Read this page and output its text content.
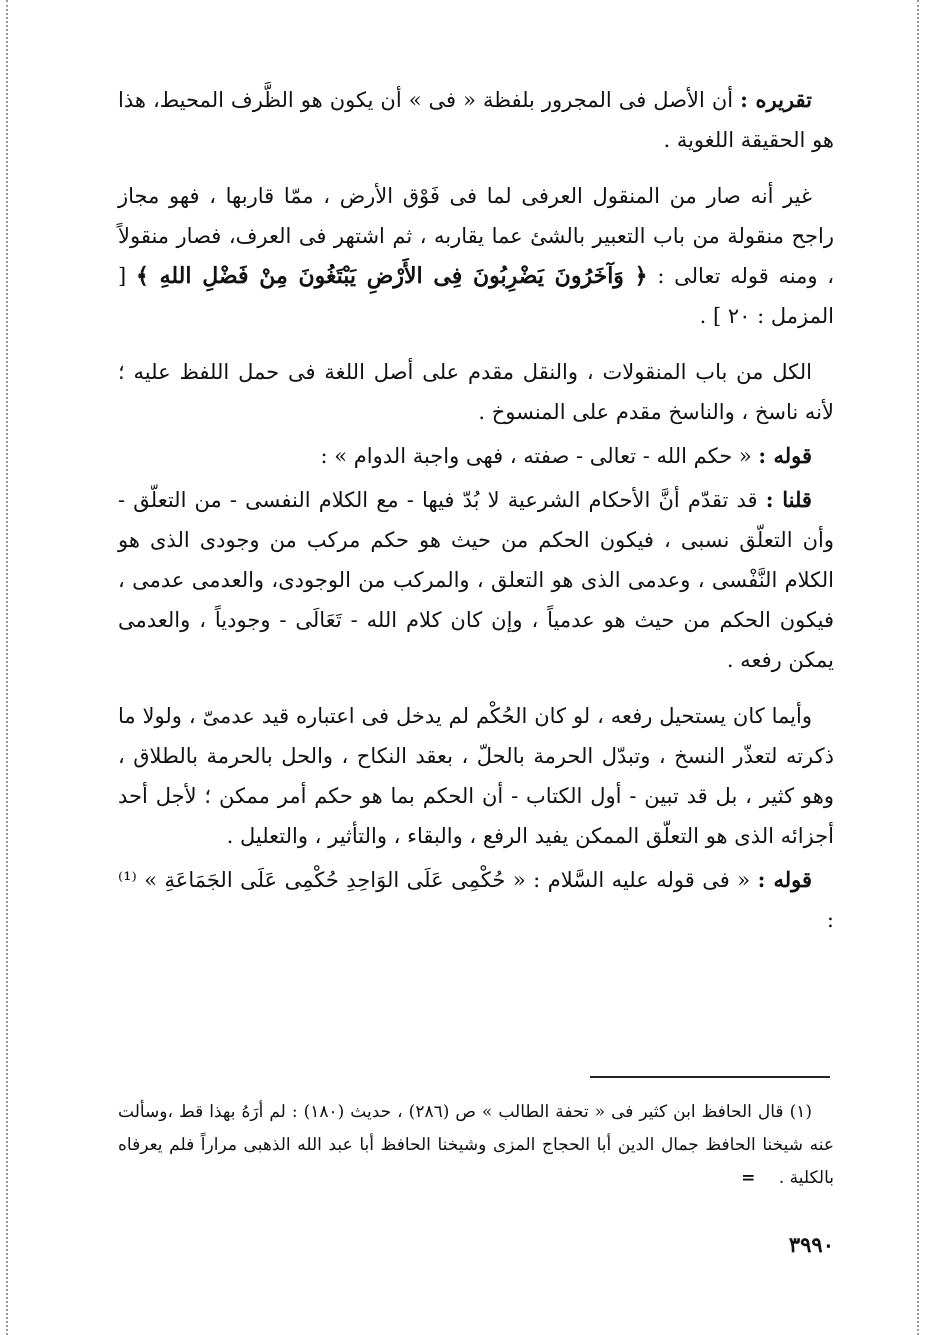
تقريره : أن الأصل فى المجرور بلفظة « فى » أن يكون هو الظَّرف المحيط، هذا هو الحقيقة اللغوية .

غير أنه صار من المنقول العرفى لما فى فَوْق الأرض ، ممّا قاربها ، فهو مجاز راجح منقولة من باب التعبير بالشئ عما يقاربه ، ثم اشتهر فى العرف، فصار منقولاً ، ومنه قوله تعالى : ﴿ وَآخَرُونَ يَضْرِبُونَ فِى الأَرْضِ يَبْتَغُونَ مِنْ فَضْلِ اللهِ ﴾ [ المزمل : ٢٠ ] .

الكل من باب المنقولات ، والنقل مقدم على أصل اللغة فى حمل اللفظ عليه ؛ لأنه ناسخ ، والناسخ مقدم على المنسوخ .

قوله : « حكم الله - تعالى - صفته ، فهى واجبة الدوام » :

قلنا : قد تقدّم أنَّ الأحكام الشرعية لا بُدّ فيها - مع الكلام النفسى - من التعلّق - وأن التعلّق نسبى ، فيكون الحكم من حيث هو حكم مركب من وجودى الذى هو الكلام النَّفْسى ، وعدمى الذى هو التعلق ، والمركب من الوجودى، والعدمى عدمى ، فيكون الحكم من حيث هو عدمياً ، وإن كان كلام الله - تَعَالَى - وجودياً ، والعدمى يمكن رفعه .

وأيما كان يستحيل رفعه ، لو كان الحُكْم لم يدخل فى اعتباره قيد عدمىّ ، ولولا ما ذكرته لتعذّر النسخ ، وتبدّل الحرمة بالحلّ ، بعقد النكاح ، والحل بالحرمة بالطلاق ، وهو كثير ، بل قد تبين - أول الكتاب - أن الحكم بما هو حكم أمر ممكن ؛ لأجل أحد أجزائه الذى هو التعلّق الممكن يفيد الرفع ، والبقاء ، والتأثير ، والتعليل .

قوله : « فى قوله عليه السَّلام : « حُكْمِى عَلَى الوَاحِدِ حُكْمِى عَلَى الجَمَاعَةِ » ⁽¹⁾ :

(١) قال الحافظ ابن كثير فى « تحفة الطالب » ص (٢٨٦) ، حديث (١٨٠) : لم أرَهُ بهذا قط ،وسألت عنه شيخنا الحافظ جمال الدين أبا الحجاج المزى وشيخنا الحافظ أبا عبد الله الذهبى مراراً فلم يعرفاه بالكلية . =

٣٩٩٠
